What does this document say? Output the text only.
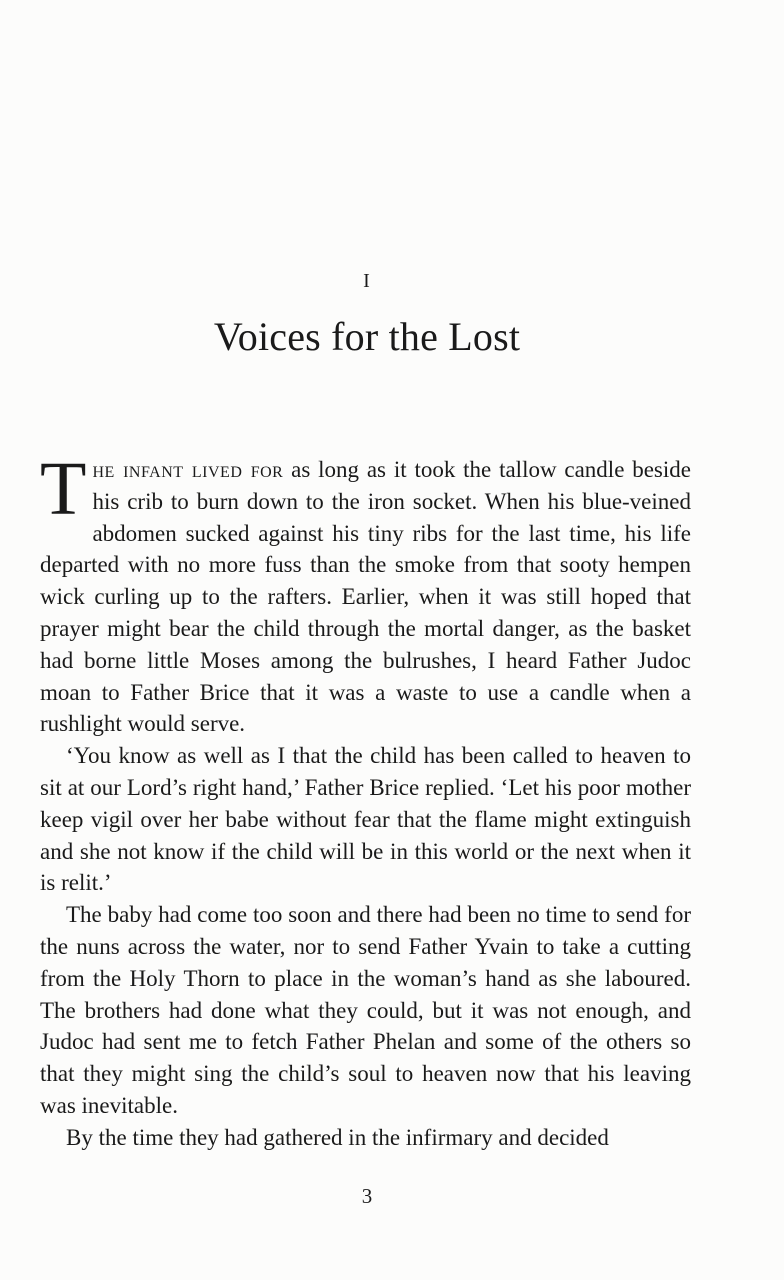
I
Voices for the Lost

The infant lived for as long as it took the tallow candle beside his crib to burn down to the iron socket. When his blue-veined abdomen sucked against his tiny ribs for the last time, his life departed with no more fuss than the smoke from that sooty hempen wick curling up to the rafters. Earlier, when it was still hoped that prayer might bear the child through the mortal danger, as the basket had borne little Moses among the bulrushes, I heard Father Judoc moan to Father Brice that it was a waste to use a candle when a rushlight would serve.

‘You know as well as I that the child has been called to heaven to sit at our Lord’s right hand,’ Father Brice replied. ‘Let his poor mother keep vigil over her babe without fear that the flame might extinguish and she not know if the child will be in this world or the next when it is relit.’

The baby had come too soon and there had been no time to send for the nuns across the water, nor to send Father Yvain to take a cutting from the Holy Thorn to place in the woman’s hand as she laboured. The brothers had done what they could, but it was not enough, and Judoc had sent me to fetch Father Phelan and some of the others so that they might sing the child’s soul to heaven now that his leaving was inevitable.

By the time they had gathered in the infirmary and decided

3
